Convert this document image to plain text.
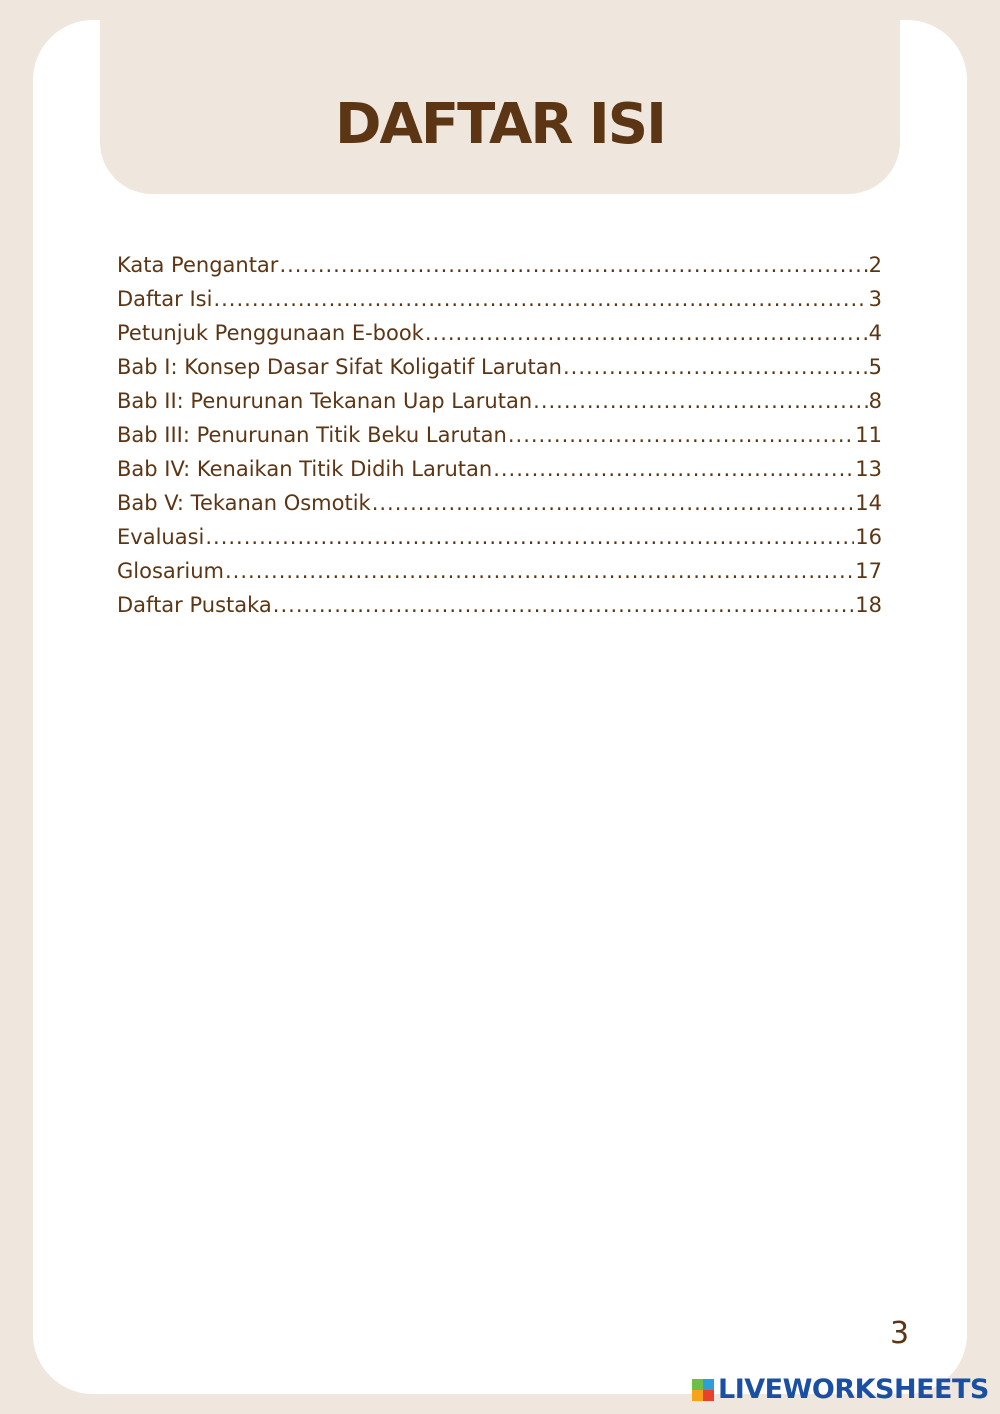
DAFTAR ISI
Kata Pengantar .....	2
Daftar Isi .....	3
Petunjuk Penggunaan E-book .....	4
Bab I: Konsep Dasar Sifat Koligatif Larutan .....	5
Bab II: Penurunan Tekanan Uap Larutan .....	8
Bab III: Penurunan Titik Beku Larutan .....	11
Bab IV: Kenaikan Titik Didih Larutan .....	13
Bab V: Tekanan Osmotik .....	14
Evaluasi .....	16
Glosarium .....	17
Daftar Pustaka .....	18
3
LIVEWORKSHEETS
